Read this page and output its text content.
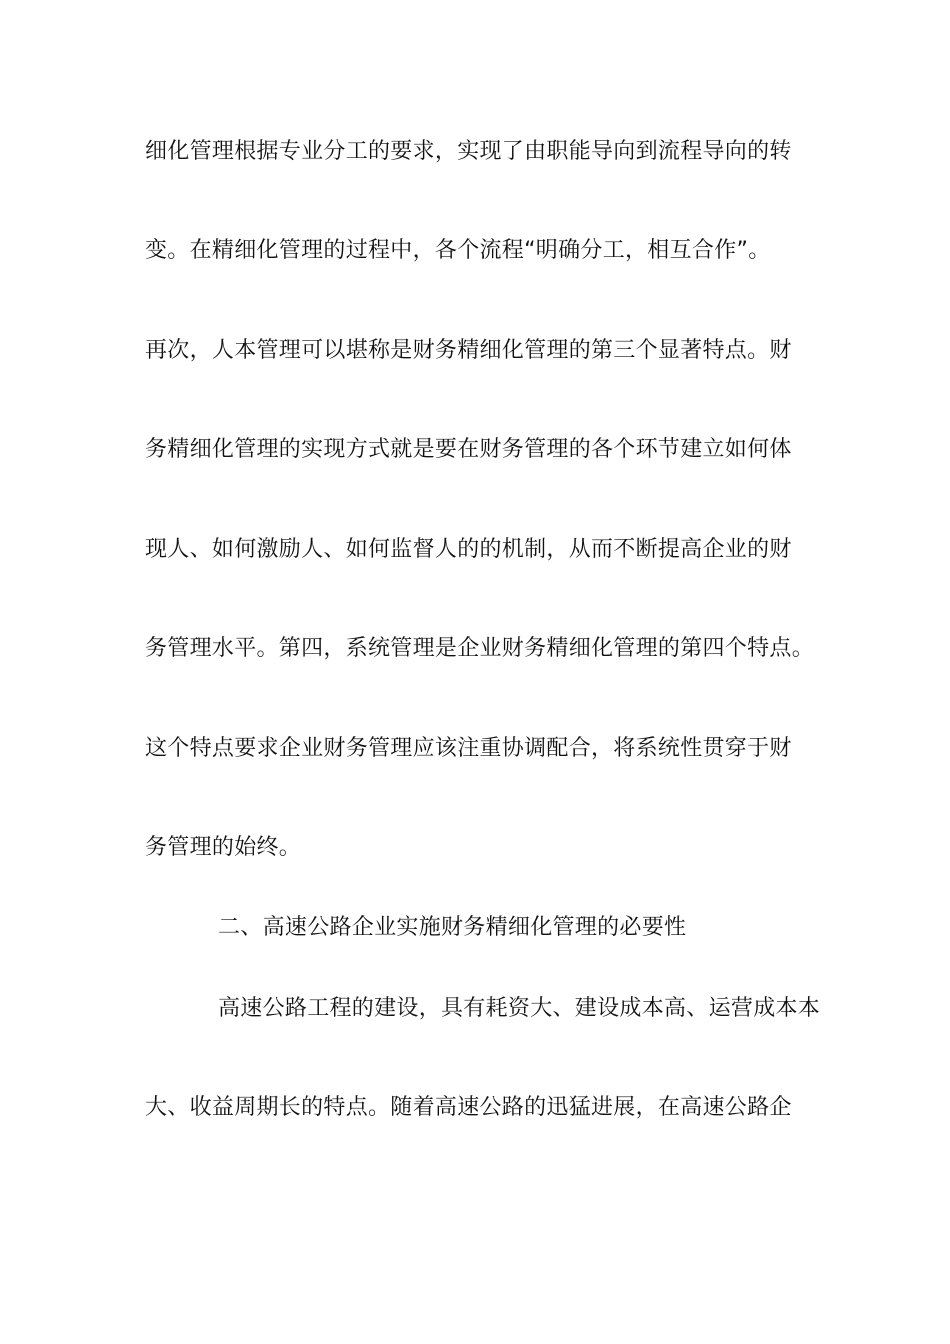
细化管理根据专业分工的要求，实现了由职能导向到流程导向的转

变。在精细化管理的过程中，各个流程“明确分工，相互合作”。

再次，人本管理可以堪称是财务精细化管理的第三个显著特点。财

务精细化管理的实现方式就是要在财务管理的各个环节建立如何体

现人、如何激励人、如何监督人的的机制，从而不断提高企业的财

务管理水平。第四，系统管理是企业财务精细化管理的第四个特点。

这个特点要求企业财务管理应该注重协调配合，将系统性贯穿于财

务管理的始终。

二、高速公路企业实施财务精细化管理的必要性

高速公路工程的建设，具有耗资大、建设成本高、运营成本本

大、收益周期长的特点。随着高速公路的迅猛进展，在高速公路企
